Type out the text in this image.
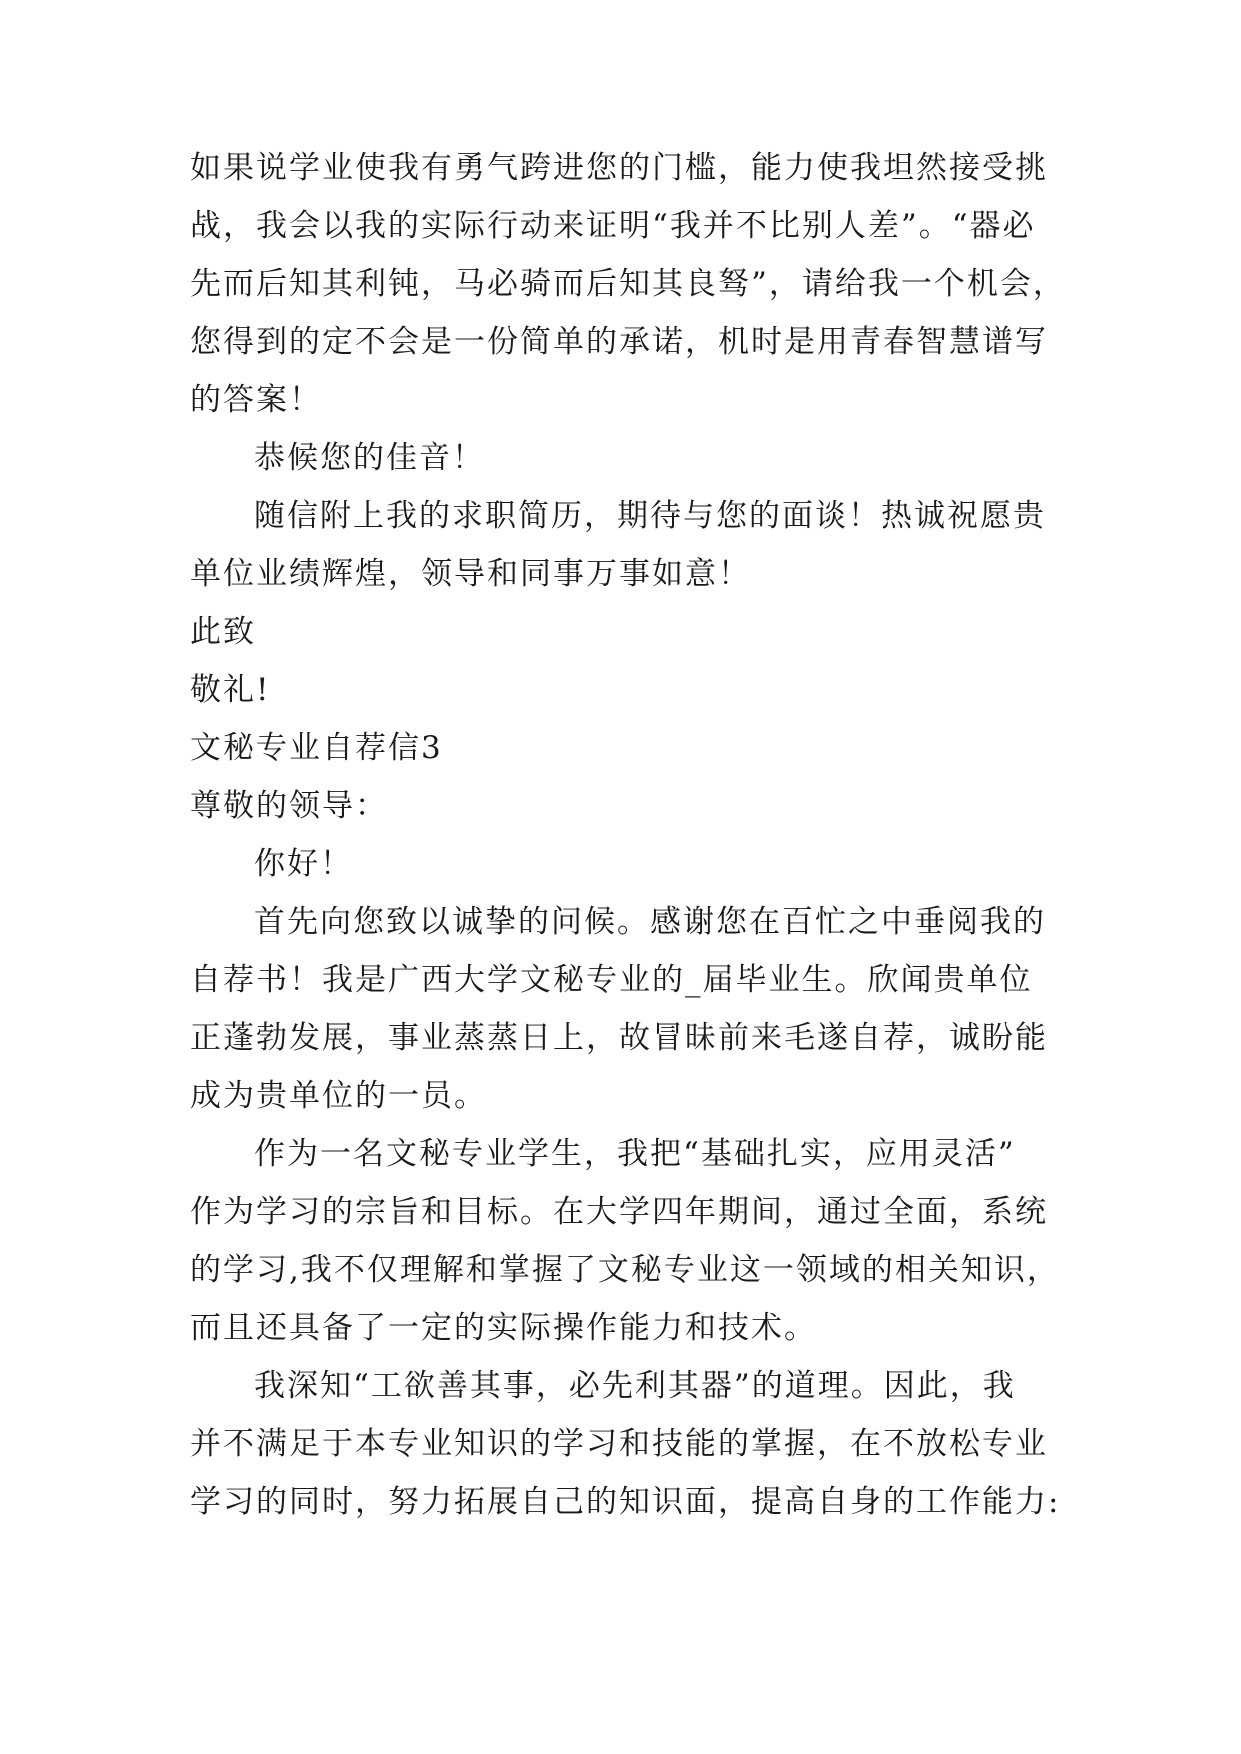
如果说学业使我有勇气跨进您的门槛，能力使我坦然接受挑

战，我会以我的实际行动来证明“我并不比别人差”。“器必

先而后知其利钝，马必骑而后知其良驽”，请给我一个机会，

您得到的定不会是一份简单的承诺，机时是用青春智慧谱写

的答案！

恭候您的佳音！

随信附上我的求职简历，期待与您的面谈！热诚祝愿贵

单位业绩辉煌，领导和同事万事如意！

此致

敬礼!

文秘专业自荐信3

尊敬的领导：

你好！

首先向您致以诚挚的问候。感谢您在百忙之中垂阅我的

自荐书！我是广西大学文秘专业的_届毕业生。欣闻贵单位

正蓬勃发展，事业蒸蒸日上，故冒昧前来毛遂自荐，诚盼能

成为贵单位的一员。

作为一名文秘专业学生，我把“基础扎实，应用灵活”

作为学习的宗旨和目标。在大学四年期间，通过全面，系统

的学习,我不仅理解和掌握了文秘专业这一领域的相关知识，

而且还具备了一定的实际操作能力和技术。

我深知“工欲善其事，必先利其器”的道理。因此，我

并不满足于本专业知识的学习和技能的掌握，在不放松专业

学习的同时，努力拓展自己的知识面，提高自身的工作能力:
